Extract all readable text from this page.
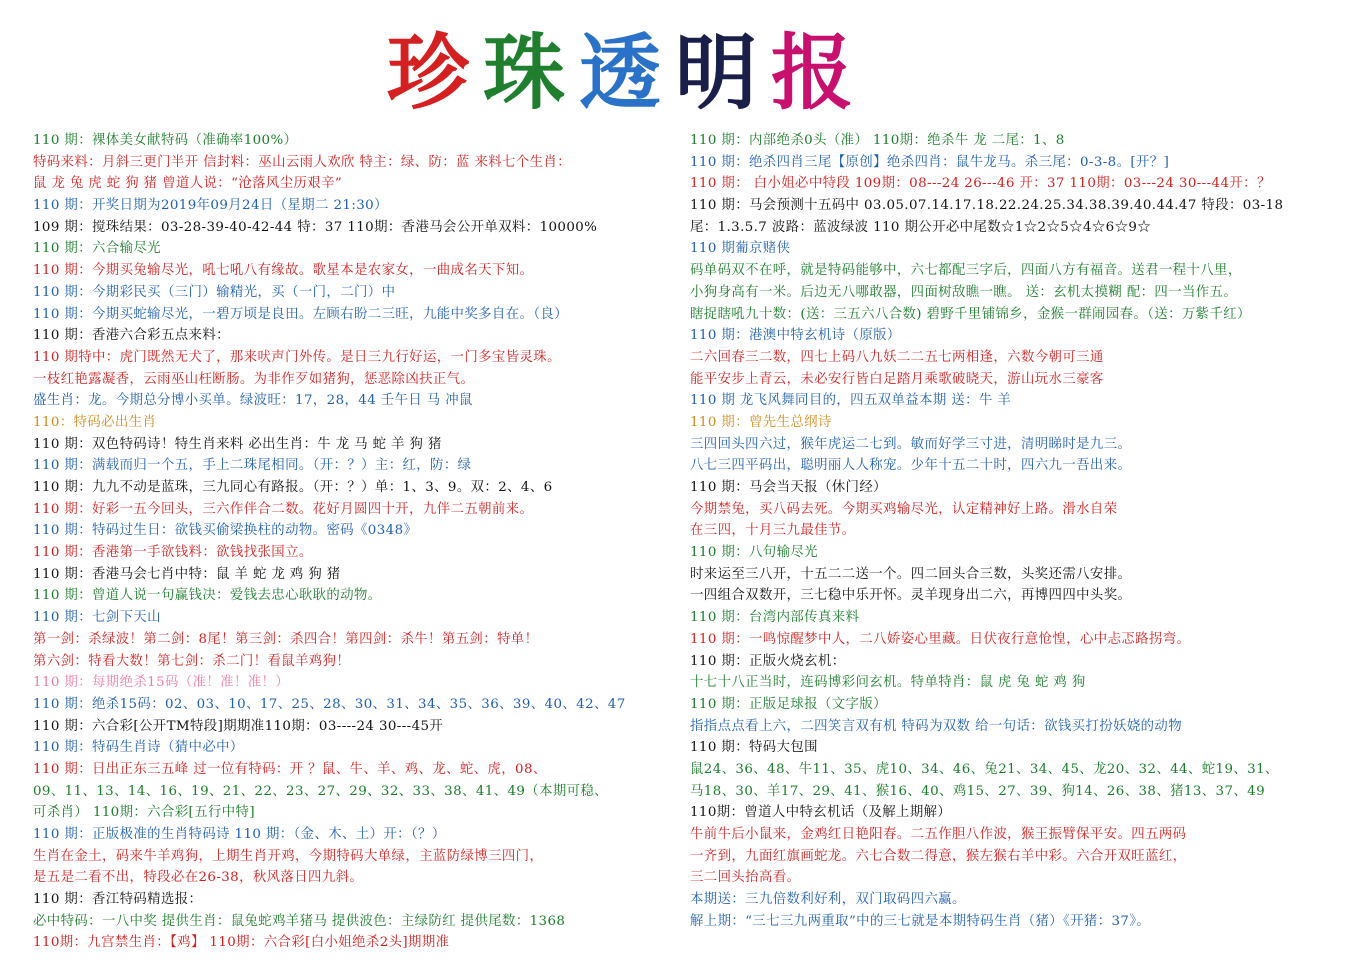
珍 珠 透 明 报
110 期：裸体美女献特码（准确率100%）
特码来料：月斜三更门半开 信封料：巫山云雨人欢欣 特主：绿、防：蓝 来料七个生肖：
鼠 龙 兔 虎 蛇 狗 猪 曾道人说：“沧落风尘历艰辛”
110 期：开奖日期为2019年09月24日（星期二 21:30）
109 期：搅珠结果：03-28-39-40-42-44 特：37 110期：香港马会公开单双料：10000%
110 期：六合输尽光
110 期：今期买兔输尽光，吼七吼八有缘故。歌星本是农家女，一曲成名天下知。
110 期：今期彩民买（三门）输精光，买（一门，二门）中
110 期：今期买蛇输尽光，一碧万顷是良田。左顾右盼二三旺，九能中奖多自在。（良）
110 期：香港六合彩五点来料：
110 期特中：虎门既然无犬了，那来吠声门外传。是日三九行好运，一门多宝皆灵珠。
一枝红艳露凝香，云雨巫山枉断肠。为非作歹如猪狗，惩恶除凶扶正气。
盛生肖：龙。今期总分博小买单。绿波旺：17，28，44 壬午日 马 冲鼠
110：特码必出生肖
110 期：双色特码诗！特生肖来料 必出生肖：牛 龙 马 蛇 羊 狗 猪
110 期：满载而归一个五，手上二珠尾相同。（开：？）主：红，防：绿
110 期：九九不动是蓝珠，三九同心有路报。（开：？）单：1、3、9。双：2、4、6
110 期：好彩一五今回头，三六作伴合二数。花好月圆四十开，九伴二五朝前来。
110 期：特码过生日：欲钱买偷梁换柱的动物。密码《0348》
110 期：香港第一手欲钱料：欲钱找张国立。
110 期：香港马会七肖中特：鼠 羊 蛇 龙 鸡 狗 猪
110 期：曾道人说一句赢钱决：爱钱去忠心耿耿的动物。
110 期：七剑下天山
第一剑：杀绿波！第二剑：8尾！第三剑：杀四合！第四剑：杀牛！第五剑：特单！
第六剑：特看大数！第七剑：杀二门！看鼠羊鸡狗！
110 期：每期绝杀15码（准！准！准！）
110 期：绝杀15码：02、03、10、17、25、28、30、31、34、35、36、39、40、42、47
110 期：六合彩[公开TM特段]期期准110期：03----24 30---45开
110 期：特码生肖诗（猜中必中）
110 期：日出正东三五峰 过一位有特码：开 ？鼠、牛、羊、鸡、龙、蛇、虎，08、
09、11、13、14、16、19、21、22、23、27、29、32、33、38、41、49（本期可稳、
可杀肖） 110期：六合彩[五行中特]
110 期：正版极准的生肖特码诗 110 期：（金、木、土）开：（？）
生肖在金土，码来牛羊鸡狗，上期生肖开鸡，今期特码大单绿，主蓝防绿博三四门，
是五是二看不出，特段必在26-38，秋风落日四九斜。
110 期：香江特码精选报：
必中特码：一八中奖 提供生肖：鼠兔蛇鸡羊猪马 提供波色：主绿防红 提供尾数：1368
110期：九宫禁生肖：【鸡】 110期：六合彩[白小姐绝杀2头]期期准
110 期：内部绝杀0头（准） 110期：绝杀牛 龙 二尾：1、8
110 期：绝杀四肖三尾【原创】绝杀四肖：鼠牛龙马。杀三尾：0-3-8。[开？]
110 期： 白小姐必中特段 109期：08---24 26---46 开：37 110期：03---24 30---44开：？
110 期：马会预测十五码中 03.05.07.14.17.18.22.24.25.34.38.39.40.44.47 特段：03-18
尾：1.3.5.7 波路：蓝波绿波 110 期公开必中尾数☆1☆2☆5☆4☆6☆9☆
110 期葡京赌侠
码单码双不在呼，就是特码能够中，六七都配三字后，四面八方有福音。送君一程十八里，
小狗身高有一米。后边无八哪敢器，四面树敌瞧一瞧。 送：玄机太摸糊 配：四一当作五。
瞎捉瞎吼九十数：(送：三五六八合数) 碧野千里铺锦乡，金猴一群闹园春。（送：万紫千红）
110 期：港澳中特玄机诗（原版）
二六回春三二数，四七上码八九妖二二五七两相逢，六数今朝可三通
能平安步上青云，未必安行皆白足踏月乘歌破晓天，游山玩水三豪客
110 期 龙飞风舞同目的，四五双单益本期 送：牛 羊
110 期：曾先生总纲诗
三四回头四六过，猴年虎运二七到。敏而好学三寸进，清明睇时是九三。
八七三四平码出，聪明丽人人称宠。少年十五二十时，四六九一吾出来。
110 期：马会当天报（休门经）
今期禁兔，买八码去死。今期买鸡输尽光，认定精神好上路。滑水自荣
在三四，十月三九最佳节。
110 期：八句输尽光
时来运至三八开，十五二二送一个。四二回头合三数，头奖还需八安排。
一四组合双数开，三七稳中乐开怀。灵羊现身出二六，再博四四中头奖。
110 期：台湾内部传真来料
110 期：一鸣惊醒梦中人，二八娇姿心里藏。日伏夜行意怆惶，心中忐忑路拐弯。
110 期：正版火烧玄机：
十七十八正当时，连码博彩问玄机。特单特肖：鼠 虎 兔 蛇 鸡 狗
110 期：正版足球报（文字版）
指指点点看上六，二四笑言双有机 特码为双数 给一句话：欲钱买打扮妖娆的动物
110 期：特码大包围
鼠24、36、48、牛11、35、虎10、34、46、兔21、34、45、龙20、32、44、蛇19、31、
马18、30、羊17、29、41、猴16、40、鸡15、27、39、狗14、26、38、猪13、37、49
110期：曾道人中特玄机话（及解上期解）
牛前牛后小鼠来，金鸡红日艳阳春。二五作胆八作波，猴王振臂保平安。四五两码
一齐到，九面红旗画蛇龙。六七合数二得意，猴左猴右羊中彩。六合开双旺蓝红，
三二回头抬高看。
本期送：三九倍数利好利，双门取码四六赢。
解上期：“三七三九两重取”中的三七就是本期特码生肖（猪）《开猪：37》。
